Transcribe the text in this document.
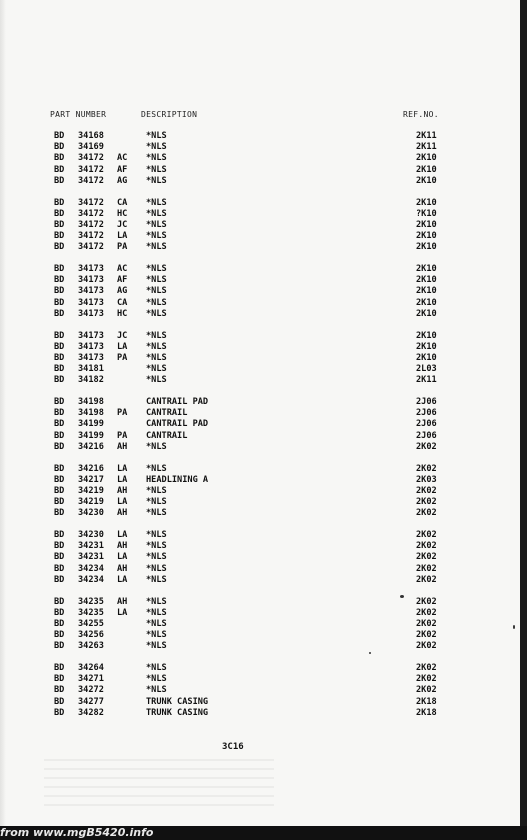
PART NUMBER	DESCRIPTION	REF.NO.
BD 34168	*NLS	2K11
BD 34169	*NLS	2K11
BD 34172 AC *NLS	2K10
BD 34172 AF *NLS	2K10
BD 34172 AG *NLS	2K10
BD 34172 CA *NLS	2K10
BD 34172 HC *NLS	?K10
BD 34172 JC *NLS	2K10
BD 34172 LA *NLS	2K10
BD 34172 PA *NLS	2K10
BD 34173 AC *NLS	2K10
BD 34173 AF *NLS	2K10
BD 34173 AG *NLS	2K10
BD 34173 CA *NLS	2K10
BD 34173 HC *NLS	2K10
BD 34173 JC *NLS	2K10
BD 34173 LA *NLS	2K10
BD 34173 PA *NLS	2K10
BD 34181	*NLS	2L03
BD 34182	*NLS	2K11
BD 34198	CANTRAIL PAD	2J06
BD 34198 PA CANTRAIL	2J06
BD 34199	CANTRAIL PAD	2J06
BD 34199 PA CANTRAIL	2J06
BD 34216 AH *NLS	2K02
BD 34216 LA *NLS	2K02
BD 34217 LA HEADLINING A	2K03
BD 34219 AH *NLS	2K02
BD 34219 LA *NLS	2K02
BD 34230 AH *NLS	2K02
BD 34230 LA *NLS	2K02
BD 34231 AH *NLS	2K02
BD 34231 LA *NLS	2K02
BD 34234 AH *NLS	2K02
BD 34234 LA *NLS	2K02
BD 34235 AH *NLS	2K02
BD 34235 LA *NLS	2K02
BD 34255	*NLS	2K02
BD 34256	*NLS	2K02
BD 34263	*NLS	2K02
BD 34264	*NLS	2K02
BD 34271	*NLS	2K02
BD 34272	*NLS	2K02
BD 34277	TRUNK CASING	2K18
BD 34282	TRUNK CASING	2K18
3C16
from www.mgB5420.info
